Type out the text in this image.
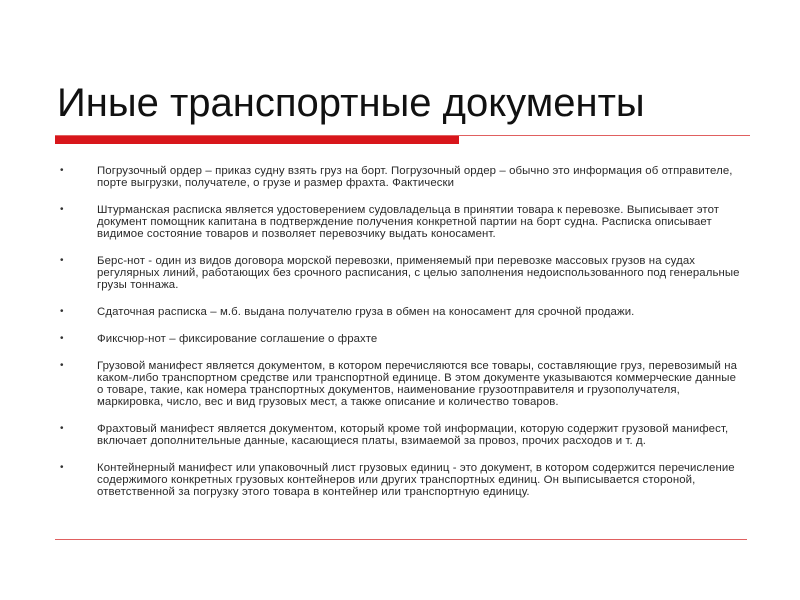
Иные транспортные документы
•	Погрузочный ордер – приказ судну взять груз на борт. Погрузочный ордер – обычно это информация об отправителе, порте выгрузки, получателе, о грузе и размер фрахта. Фактически
•	Штурманская расписка является удостоверением судовладельца в принятии товара к перевозке. Выписывает этот документ помощник капитана в подтверждение получения конкретной партии на борт судна. Расписка описывает видимое состояние товаров и позволяет перевозчику выдать коносамент.
•	Берс-нот - один из видов договора морской перевозки, применяемый при перевозке массовых грузов на судах регулярных линий, работающих без срочного расписания, с целью заполнения недоиспользованного под генеральные грузы тоннажа.
•	Сдаточная расписка – м.б. выдана получателю груза в обмен на коносамент для срочной продажи.
•	Фиксчюр-нот – фиксирование соглашение о фрахте
•	Грузовой манифест является документом, в котором перечисляются все товары, составляющие груз, перевозимый на каком-либо транспортном средстве или транспортной единице. В этом документе указываются коммерческие данные о товаре, такие, как номера транспортных документов, наименование грузоотправителя и грузополучателя, маркировка, число, вес и вид грузовых мест, а также описание и количество товаров.
•	Фрахтовый манифест является документом, который кроме той информации, которую содержит грузовой манифест, включает дополнительные данные, касающиеся платы, взимаемой за провоз, прочих расходов и т. д.
•	Контейнерный манифест или упаковочный лист грузовых единиц - это документ, в котором содержится перечисление содержимого конкретных грузовых контейнеров или других транспортных единиц. Он выписывается стороной, ответственной за погрузку этого товара в контейнер или транспортную единицу.
